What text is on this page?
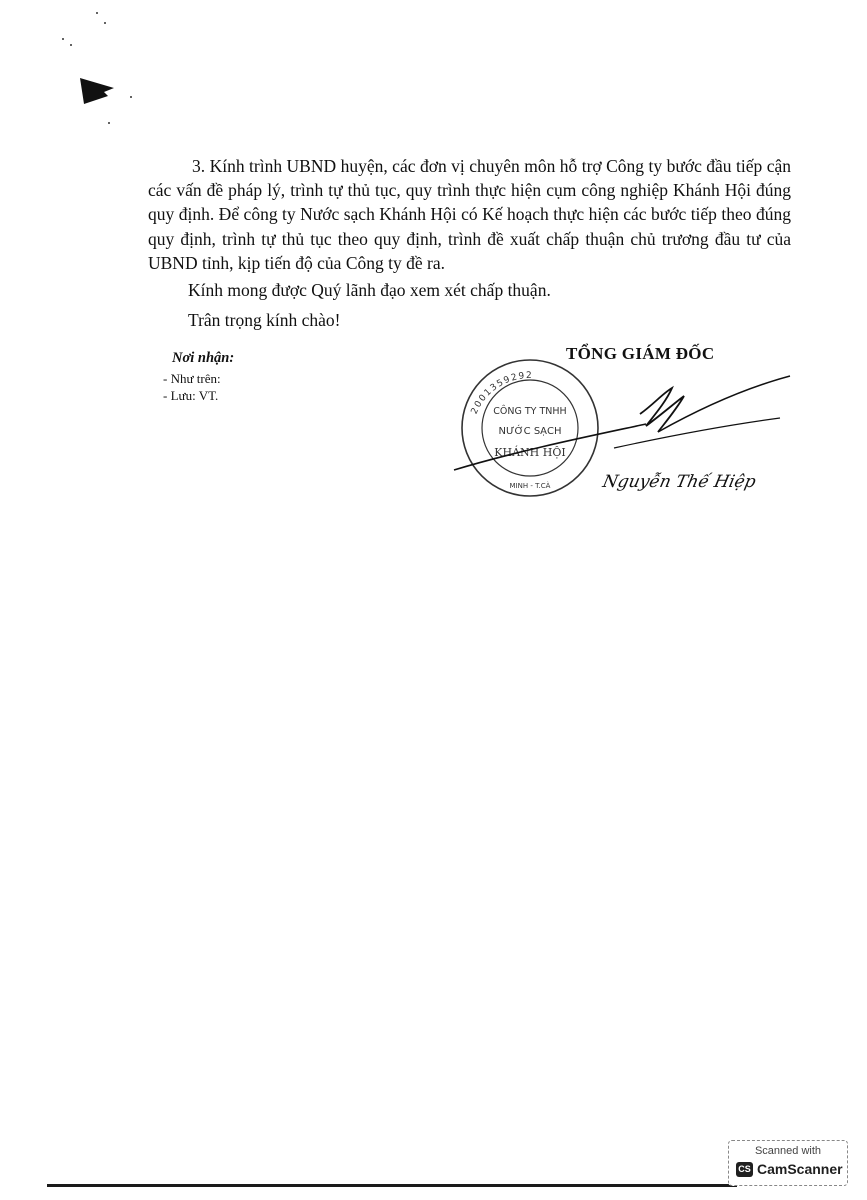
3. Kính trình UBND huyện, các đơn vị chuyên môn hỗ trợ Công ty bước đầu tiếp cận các vấn đề pháp lý, trình tự thủ tục, quy trình thực hiện cụm công nghiệp Khánh Hội đúng quy định. Để công ty Nước sạch Khánh Hội có Kế hoạch thực hiện các bước tiếp theo đúng quy định, trình tự thủ tục theo quy định, trình đề xuất chấp thuận chủ trương đầu tư của UBND tỉnh, kịp tiến độ của Công ty đề ra.

Kính mong được Quý lãnh đạo xem xét chấp thuận.

Trân trọng kính chào!

Nơi nhận:

- Như trên:

- Lưu: VT.

TỔNG GIÁM ĐỐC

2001359292
CÔNG TY TNHH
NƯỚC SẠCH
KHÁNH HỘI
MINH - T.CÀ	Nguyễn Thế Hiệp

Scanned with
CS CamScanner
